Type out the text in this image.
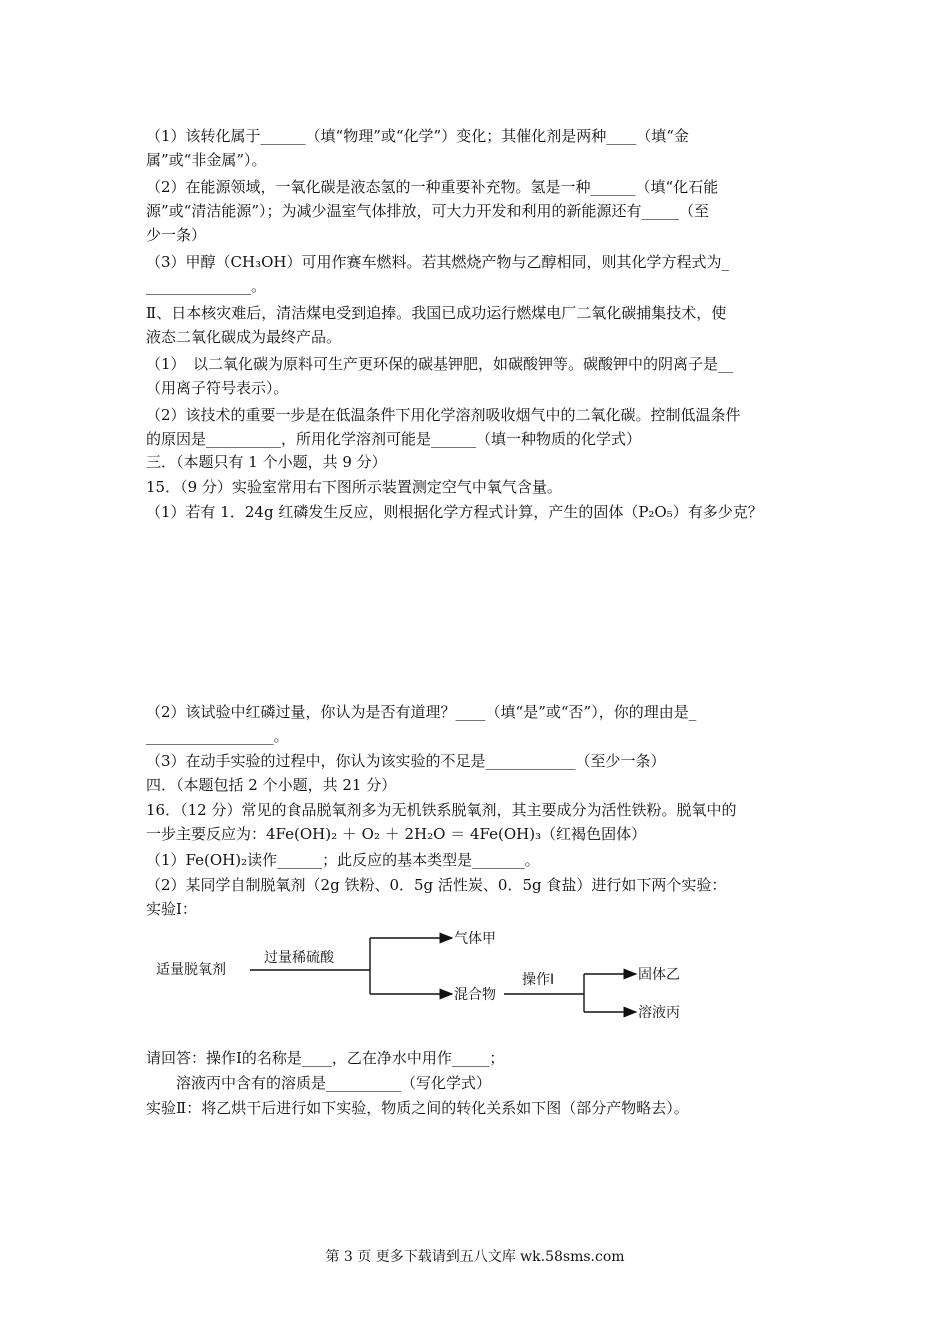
（1）该转化属于______（填“物理”或“化学”）变化；其催化剂是两种____（填“金
属”或“非金属”）。
（2）在能源领域，一氧化碳是液态氢的一种重要补充物。氢是一种______（填“化石能
源”或“清洁能源”）；为减少温室气体排放，可大力开发和利用的新能源还有_____（至
少一条）
（3）甲醇（CH₃OH）可用作赛车燃料。若其燃烧产物与乙醇相同，则其化学方程式为_
______________。
Ⅱ、日本核灾难后，清洁煤电受到追捧。我国已成功运行燃煤电厂二氧化碳捕集技术，使
液态二氧化碳成为最终产品。
（1）　以二氧化碳为原料可生产更环保的碳基钾肥，如碳酸钾等。碳酸钾中的阴离子是__
（用离子符号表示）。
（2）该技术的重要一步是在低温条件下用化学溶剂吸收烟气中的二氧化碳。控制低温条件
的原因是__________，所用化学溶剂可能是______（填一种物质的化学式）
三．（本题只有 1 个小题，共 9 分）
15．（9 分）实验室常用右下图所示装置测定空气中氧气含量。
（1）若有 1．24g 红磷发生反应，则根据化学方程式计算，产生的固体（P₂O₅）有多少克？
（2）该试验中红磷过量，你认为是否有道理？____（填“是”或“否”），你的理由是_
_________________。
（3）在动手实验的过程中，你认为该实验的不足是____________（至少一条）
四．（本题包括 2 个小题，共 21 分）
16．（12 分）常见的食品脱氧剂多为无机铁系脱氧剂，其主要成分为活性铁粉。脱氧中的
一步主要反应为：4Fe(OH)₂ ＋ O₂ ＋ 2H₂O ＝ 4Fe(OH)₃（红褐色固体）
（1）Fe(OH)₂读作______；此反应的基本类型是_______。
（2）某同学自制脱氧剂（2g 铁粉、0．5g 活性炭、0．5g 食盐）进行如下两个实验：
实验Ⅰ：
适量脱氧剂
过量稀硫酸
气体甲
混合物
操作Ⅰ	固体乙
溶液丙
请回答：操作Ⅰ的名称是____，乙在净水中用作_____；
溶液丙中含有的溶质是__________（写化学式）
实验Ⅱ：将乙烘干后进行如下实验，物质之间的转化关系如下图（部分产物略去）。
第 3 页 更多下载请到五八文库 wk.58sms.com
